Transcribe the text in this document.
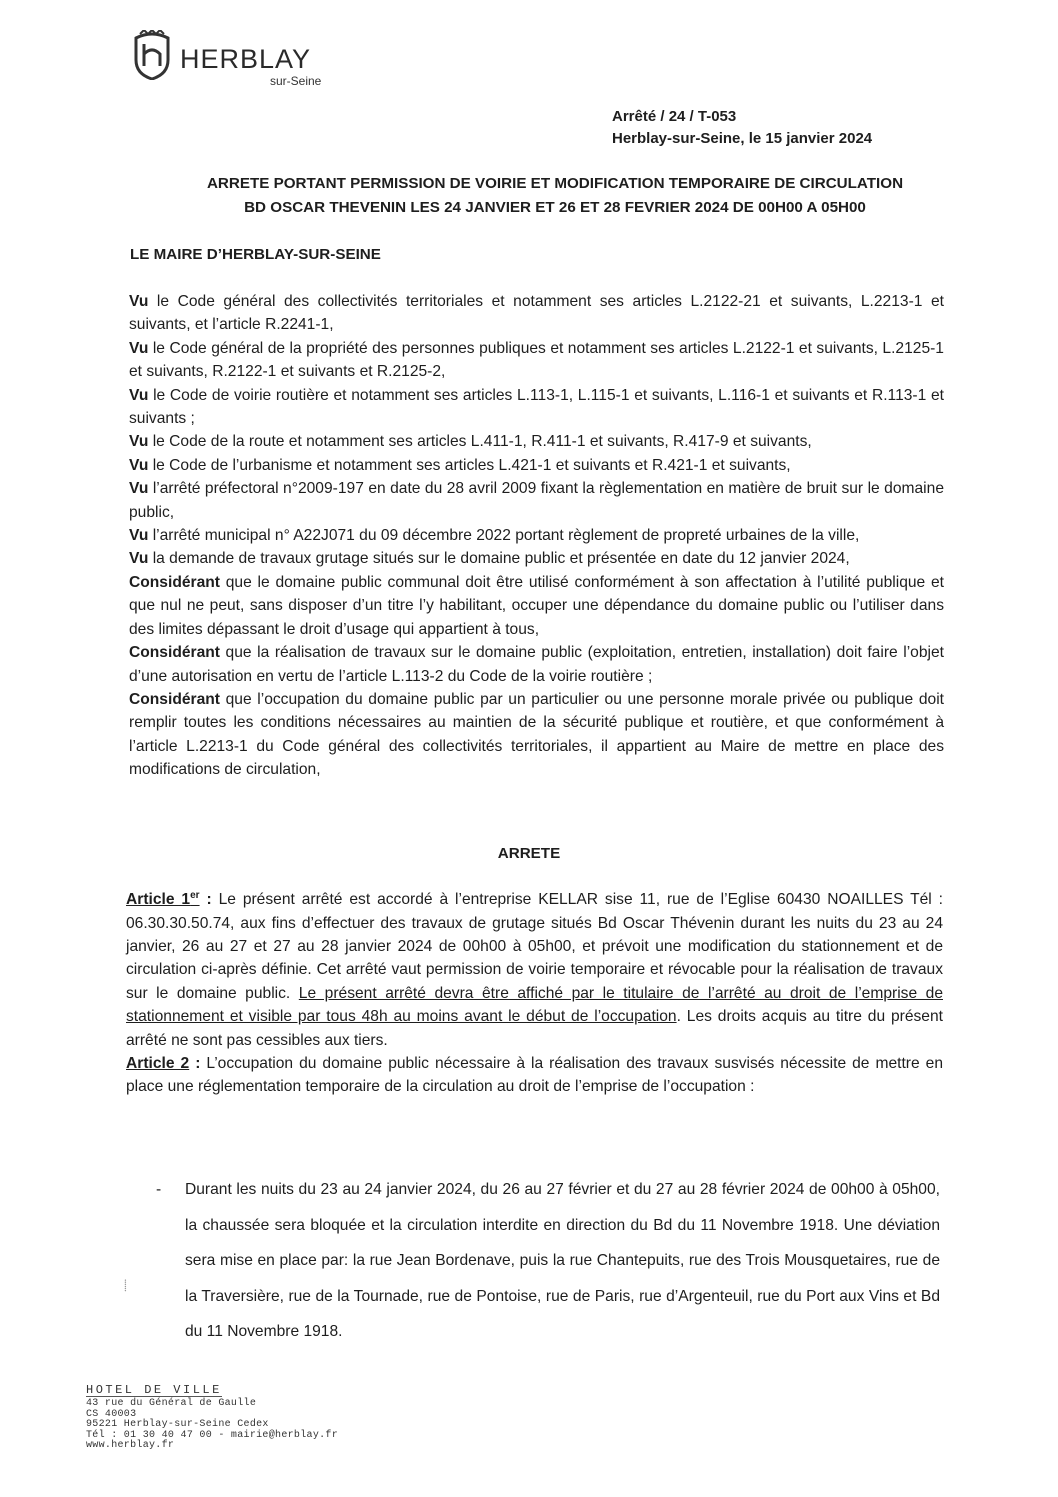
HERBLAY
sur-Seine
Arrêté / 24 / T-053
Herblay-sur-Seine, le 15 janvier 2024
ARRETE PORTANT PERMISSION DE VOIRIE ET MODIFICATION TEMPORAIRE DE CIRCULATION
BD OSCAR THEVENIN LES 24 JANVIER ET 26 ET 28 FEVRIER 2024 DE 00H00 A 05H00
LE MAIRE D’HERBLAY-SUR-SEINE

Vu le Code général des collectivités territoriales et notamment ses articles L.2122-21 et suivants, L.2213-1 et suivants, et l’article R.2241-1,

Vu le Code général de la propriété des personnes publiques et notamment ses articles L.2122-1 et suivants, L.2125-1 et suivants, R.2122-1 et suivants et R.2125-2,

Vu le Code de voirie routière et notamment ses articles L.113-1, L.115-1 et suivants, L.116-1 et suivants et R.113-1 et suivants ;

Vu le Code de la route et notamment ses articles L.411-1, R.411-1 et suivants, R.417-9 et suivants,

Vu le Code de l’urbanisme et notamment ses articles L.421-1 et suivants et R.421-1 et suivants,

Vu l’arrêté préfectoral n°2009-197 en date du 28 avril 2009 fixant la règlementation en matière de bruit sur le domaine public,

Vu l’arrêté municipal n° A22J071 du 09 décembre 2022 portant règlement de propreté urbaines de la ville,

Vu la demande de travaux grutage situés sur le domaine public et présentée en date du 12 janvier 2024,

Considérant que le domaine public communal doit être utilisé conformément à son affectation à l’utilité publique et que nul ne peut, sans disposer d’un titre l’y habilitant, occuper une dépendance du domaine public ou l’utiliser dans des limites dépassant le droit d’usage qui appartient à tous,

Considérant que la réalisation de travaux sur le domaine public (exploitation, entretien, installation) doit faire l’objet d’une autorisation en vertu de l’article L.113-2 du Code de la voirie routière ;

Considérant que l’occupation du domaine public par un particulier ou une personne morale privée ou publique doit remplir toutes les conditions nécessaires au maintien de la sécurité publique et routière, et que conformément à l’article L.2213-1 du Code général des collectivités territoriales, il appartient au Maire de mettre en place des modifications de circulation,

ARRETE

Article 1er : Le présent arrêté est accordé à l’entreprise KELLAR sise 11, rue de l’Eglise 60430 NOAILLES Tél : 06.30.30.50.74, aux fins d’effectuer des travaux de grutage situés Bd Oscar Thévenin durant les nuits du 23 au 24 janvier, 26 au 27 et 27 au 28 janvier 2024 de 00h00 à 05h00, et prévoit une modification du stationnement et de circulation ci-après définie. Cet arrêté vaut permission de voirie temporaire et révocable pour la réalisation de travaux sur le domaine public. Le présent arrêté devra être affiché par le titulaire de l’arrêté au droit de l’emprise de stationnement et visible par tous 48h au moins avant le début de l’occupation. Les droits acquis au titre du présent arrêté ne sont pas cessibles aux tiers.

Article 2 : L’occupation du domaine public nécessaire à la réalisation des travaux susvisés nécessite de mettre en place une réglementation temporaire de la circulation au droit de l’emprise de l’occupation :

- Durant les nuits du 23 au 24 janvier 2024, du 26 au 27 février et du 27 au 28 février 2024 de 00h00 à 05h00, la chaussée sera bloquée et la circulation interdite en direction du Bd du 11 Novembre 1918. Une déviation sera mise en place par: la rue Jean Bordenave, puis la rue Chantepuits, rue des Trois Mousquetaires, rue de la Traversière, rue de la Tournade, rue de Pontoise, rue de Paris, rue d’Argenteuil, rue du Port aux Vins et Bd du 11 Novembre 1918.
⸽
HOTEL DE VILLE
43 rue du Général de Gaulle
CS 40003
95221 Herblay-sur-Seine Cedex
Tél : 01 30 40 47 00 - mairie@herblay.fr
www.herblay.fr
